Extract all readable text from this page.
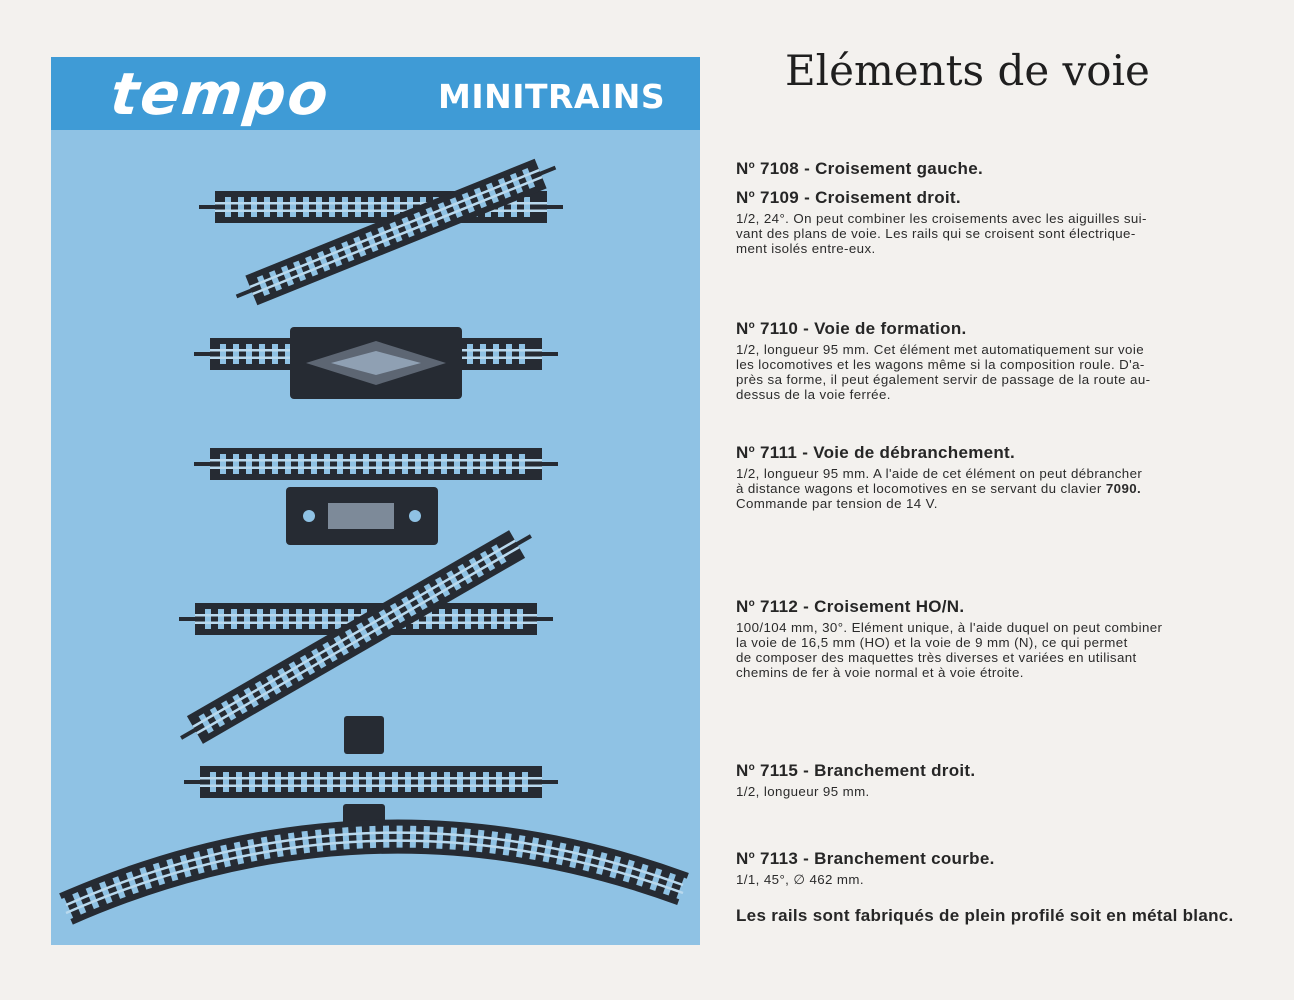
tempo	MINITRAINS
Eléments de voie
$N^o$ 7108 - Croisement gauche.
$N^o$ 7109 - Croisement droit.
1/2, 24°. On peut combiner les croisements avec les aiguilles sui-
vant des plans de voie. Les rails qui se croisent sont électrique-
ment isolés entre-eux.
$N^o$ 7110 - Voie de formation.
1/2, longueur 95 mm. Cet élément met automatiquement sur voie
les locomotives et les wagons même si la composition roule. D'a-
près sa forme, il peut également servir de passage de la route au-
dessus de la voie ferrée.
$N^o$ 7111 - Voie de débranchement.
1/2, longueur 95 mm. A l'aide de cet élément on peut débrancher
à distance wagons et locomotives en se servant du clavier 7090.
Commande par tension de 14 V.
$N^o$ 7112 - Croisement HO/N.
100/104 mm, 30°. Elément unique, à l'aide duquel on peut combiner
la voie de 16,5 mm (HO) et la voie de 9 mm (N), ce qui permet
de composer des maquettes très diverses et variées en utilisant
chemins de fer à voie normal et à voie étroite.
$N^o$ 7115 - Branchement droit.
1/2, longueur 95 mm.
$N^o$ 7113 - Branchement courbe.
1/1, 45°, ∅ 462 mm.
Les rails sont fabriqués de plein profilé soit en métal blanc.
